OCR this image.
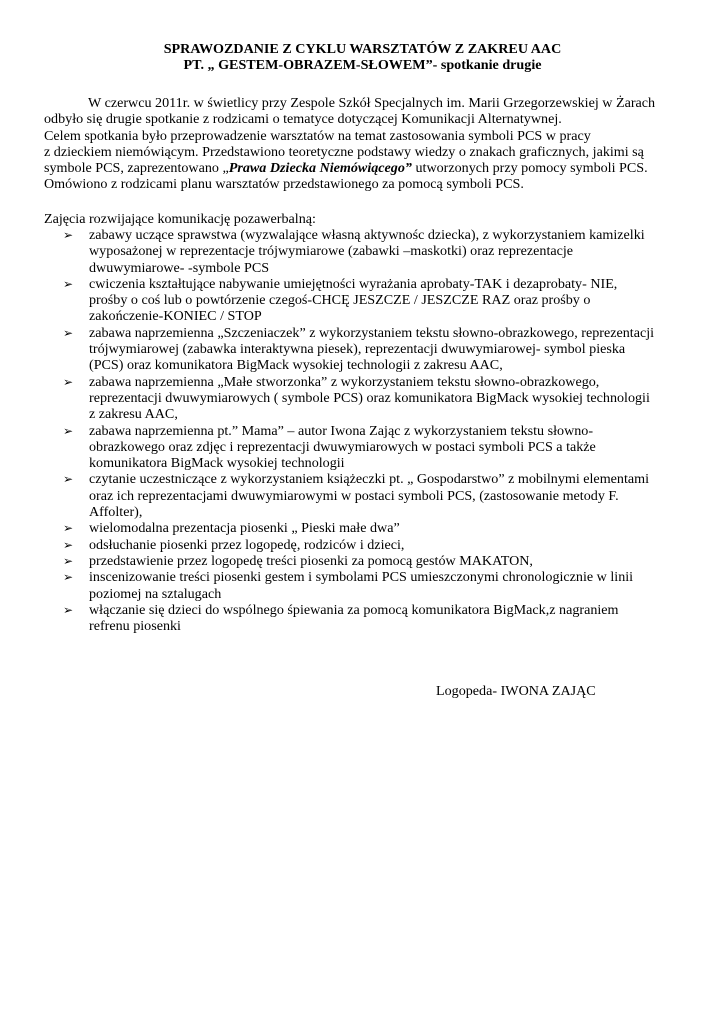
SPRAWOZDANIE Z CYKLU WARSZTATÓW Z ZAKREU AAC
PT. „ GESTEM-OBRAZEM-SŁOWEM”- spotkanie drugie
W czerwcu 2011r. w świetlicy przy Zespole Szkół Specjalnych im. Marii Grzegorzewskiej w Żarach
odbyło się drugie spotkanie z rodzicami o tematyce dotyczącej Komunikacji Alternatywnej.
Celem spotkania było przeprowadzenie warsztatów na temat zastosowania symboli PCS w pracy
z dzieckiem niemówiącym. Przedstawiono teoretyczne podstawy wiedzy o znakach graficznych, jakimi są
symbole PCS, zaprezentowano „Prawa Dziecka Niemówiącego” utworzonych przy pomocy symboli PCS.
Omówiono z rodzicami planu warsztatów przedstawionego za pomocą symboli PCS.
Zajęcia rozwijające komunikację pozawerbalną:
➢ zabawy uczące sprawstwa (wyzwalające własną aktywnośc dziecka), z wykorzystaniem kamizelki
wyposażonej w reprezentacje trójwymiarowe (zabawki –maskotki) oraz reprezentacje
dwuwymiarowe- -symbole PCS
➢ cwiczenia kształtujące nabywanie umiejętności wyrażania aprobaty-TAK i dezaprobaty- NIE,
prośby o coś lub o powtórzenie czegoś-CHCĘ JESZCZE / JESZCZE RAZ oraz prośby o
zakończenie-KONIEC / STOP
➢ zabawa naprzemienna „Szczeniaczek” z wykorzystaniem tekstu słowno-obrazkowego, reprezentacji
trójwymiarowej (zabawka interaktywna piesek), reprezentacji dwuwymiarowej- symbol pieska
(PCS) oraz komunikatora BigMack wysokiej technologii z zakresu AAC,
➢ zabawa naprzemienna „Małe stworzonka” z wykorzystaniem tekstu słowno-obrazkowego,
reprezentacji dwuwymiarowych ( symbole PCS) oraz komunikatora BigMack wysokiej technologii
z zakresu AAC,
➢ zabawa naprzemienna pt.” Mama” – autor Iwona Zając z wykorzystaniem tekstu słowno-
obrazkowego oraz zdjęc i reprezentacji dwuwymiarowych w postaci symboli PCS a także
komunikatora BigMack wysokiej technologii
➢ czytanie uczestniczące z wykorzystaniem książeczki pt. „ Gospodarstwo” z mobilnymi elementami
oraz ich reprezentacjami dwuwymiarowymi w postaci symboli PCS, (zastosowanie metody F.
Affolter),
➢ wielomodalna prezentacja piosenki „ Pieski małe dwa”
➢ odsłuchanie piosenki przez logopedę, rodziców i dzieci,
➢ przedstawienie przez logopedę treści piosenki za pomocą gestów MAKATON,
➢ inscenizowanie treści piosenki gestem i symbolami PCS umieszczonymi chronologicznie w linii
poziomej na sztalugach
➢ włączanie się dzieci do wspólnego śpiewania za pomocą komunikatora BigMack,z nagraniem
refrenu piosenki
Logopeda- IWONA ZAJĄC
